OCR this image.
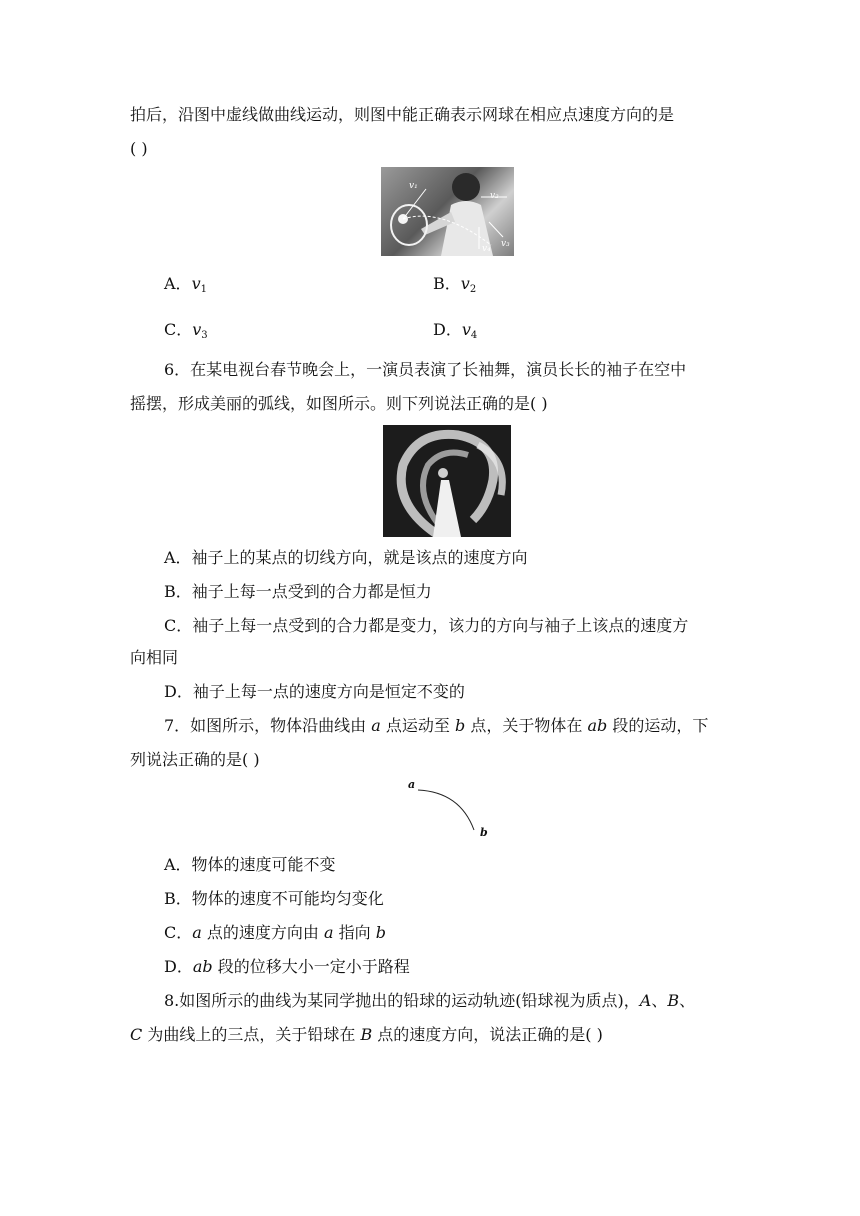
拍后，沿图中虚线做曲线运动，则图中能正确表示网球在相应点速度方向的是
( )
v₁
v₂
v₃
v₄
A．v1	B．v2
C．v3	D．v4
6．在某电视台春节晚会上，一演员表演了长袖舞，演员长长的袖子在空中
摇摆，形成美丽的弧线，如图所示。则下列说法正确的是( )
A．袖子上的某点的切线方向，就是该点的速度方向
B．袖子上每一点受到的合力都是恒力
C．袖子上每一点受到的合力都是变力，该力的方向与袖子上该点的速度方
向相同
D．袖子上每一点的速度方向是恒定不变的
7．如图所示，物体沿曲线由 a 点运动至 b 点，关于物体在 ab 段的运动，下
列说法正确的是( )
a
b
A．物体的速度可能不变
B．物体的速度不可能均匀变化
C．a 点的速度方向由 a 指向 b
D．ab 段的位移大小一定小于路程
8.如图所示的曲线为某同学抛出的铅球的运动轨迹(铅球视为质点)，A、B、
C 为曲线上的三点，关于铅球在 B 点的速度方向，说法正确的是( )
